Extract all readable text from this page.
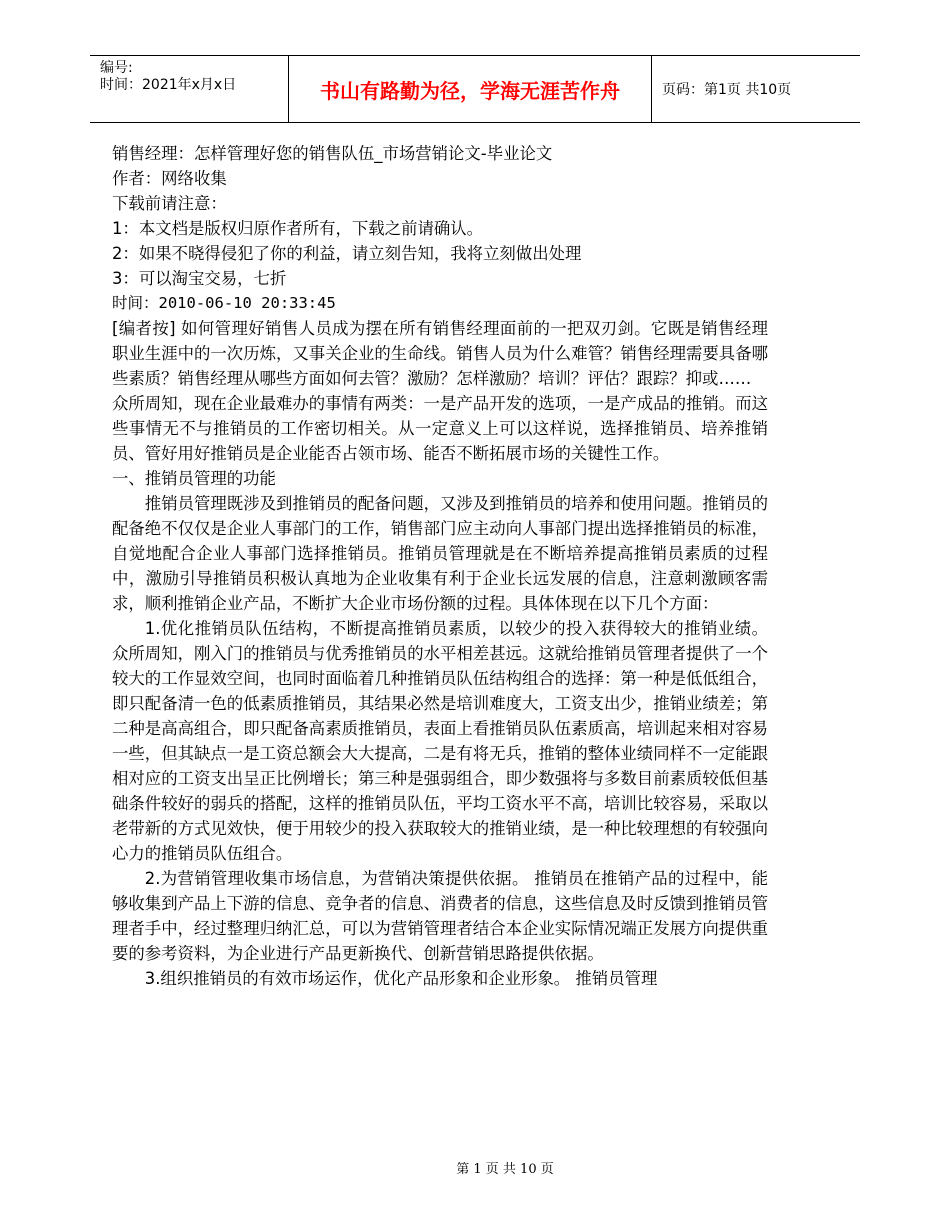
编号:
时间：2021年x月x日	书山有路勤为径，学海无涯苦作舟	页码：第1页 共10页

销售经理：怎样管理好您的销售队伍_市场营销论文-毕业论文

作者：网络收集

下载前请注意：

1：本文档是版权归原作者所有，下载之前请确认。

2：如果不晓得侵犯了你的利益，请立刻告知，我将立刻做出处理

3：可以淘宝交易，七折

时间：2010-06-10 20:33:45

[编者按] 如何管理好销售人员成为摆在所有销售经理面前的一把双刃剑。它既是销售经理职业生涯中的一次历炼，又事关企业的生命线。销售人员为什么难管？销售经理需要具备哪些素质？销售经理从哪些方面如何去管？激励？怎样激励？培训？评估？跟踪？抑或……

众所周知，现在企业最难办的事情有两类：一是产品开发的选项，一是产成品的推销。而这些事情无不与推销员的工作密切相关。从一定意义上可以这样说，选择推销员、培养推销员、管好用好推销员是企业能否占领市场、能否不断拓展市场的关键性工作。

一、推销员管理的功能

推销员管理既涉及到推销员的配备问题，又涉及到推销员的培养和使用问题。推销员的配备绝不仅仅是企业人事部门的工作，销售部门应主动向人事部门提出选择推销员的标准，自觉地配合企业人事部门选择推销员。推销员管理就是在不断培养提高推销员素质的过程中，激励引导推销员积极认真地为企业收集有利于企业长远发展的信息，注意刺激顾客需求，顺利推销企业产品，不断扩大企业市场份额的过程。具体体现在以下几个方面：

1.优化推销员队伍结构，不断提高推销员素质，以较少的投入获得较大的推销业绩。 众所周知，刚入门的推销员与优秀推销员的水平相差甚远。这就给推销员管理者提供了一个较大的工作显效空间，也同时面临着几种推销员队伍结构组合的选择：第一种是低低组合，即只配备清一色的低素质推销员，其结果必然是培训难度大，工资支出少，推销业绩差；第二种是高高组合，即只配备高素质推销员，表面上看推销员队伍素质高，培训起来相对容易一些，但其缺点一是工资总额会大大提高，二是有将无兵，推销的整体业绩同样不一定能跟相对应的工资支出呈正比例增长；第三种是强弱组合，即少数强将与多数目前素质较低但基础条件较好的弱兵的搭配，这样的推销员队伍，平均工资水平不高，培训比较容易，采取以老带新的方式见效快，便于用较少的投入获取较大的推销业绩，是一种比较理想的有较强向心力的推销员队伍组合。

2.为营销管理收集市场信息，为营销决策提供依据。 推销员在推销产品的过程中，能够收集到产品上下游的信息、竞争者的信息、消费者的信息，这些信息及时反馈到推销员管理者手中，经过整理归纳汇总，可以为营销管理者结合本企业实际情况端正发展方向提供重要的参考资料，为企业进行产品更新换代、创新营销思路提供依据。

3.组织推销员的有效市场运作，优化产品形象和企业形象。 推销员管理

第 1 页 共 10 页
